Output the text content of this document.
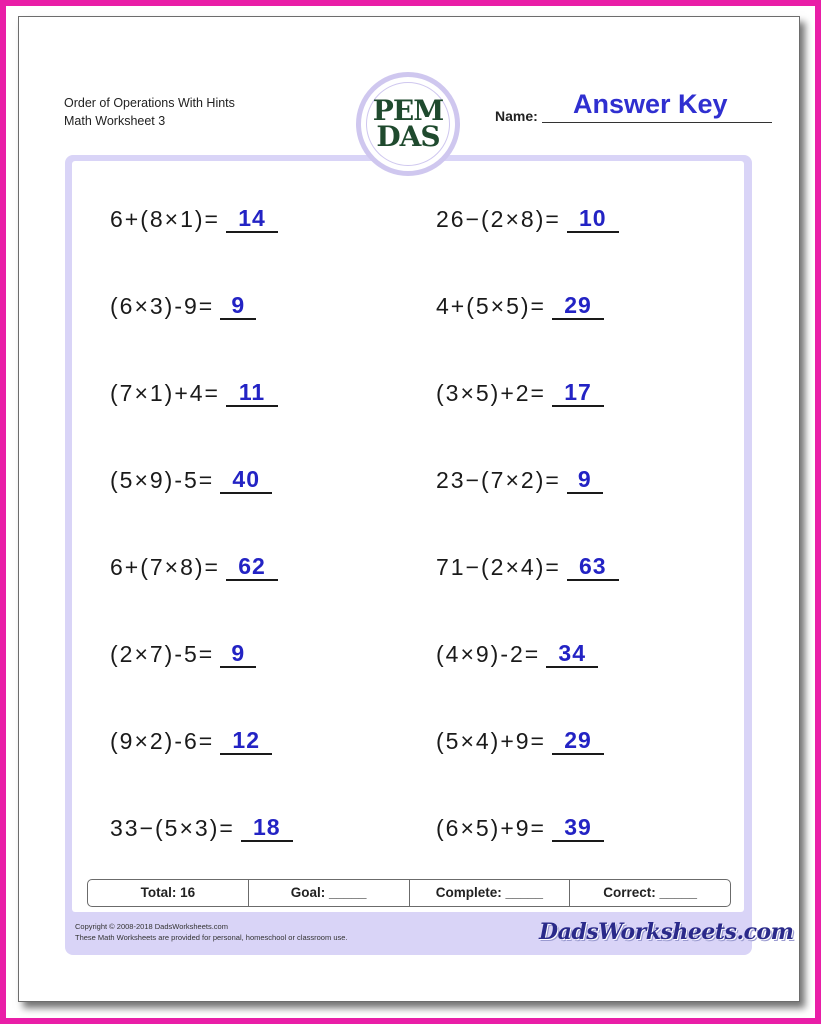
Order of Operations With Hints
Math Worksheet 3	PEM
DAS
Name: Answer Key
6+(8×1)= 14
(6×3)-9= 9
(7×1)+4= 11
(5×9)-5= 40
6+(7×8)= 62
(2×7)-5= 9
(9×2)-6= 12
33−(5×3)= 18
26−(2×8)= 10
4+(5×5)= 29
(3×5)+2= 17
23−(7×2)= 9
71−(2×4)= 63
(4×9)-2= 34
(5×4)+9= 29
(6×5)+9= 39
Total: 16	Goal: _____	Complete: _____	Correct: _____
Copyright © 2008-2018 DadsWorksheets.com
These Math Worksheets are provided for personal, homeschool or classroom use.	DadsWorksheets.com
